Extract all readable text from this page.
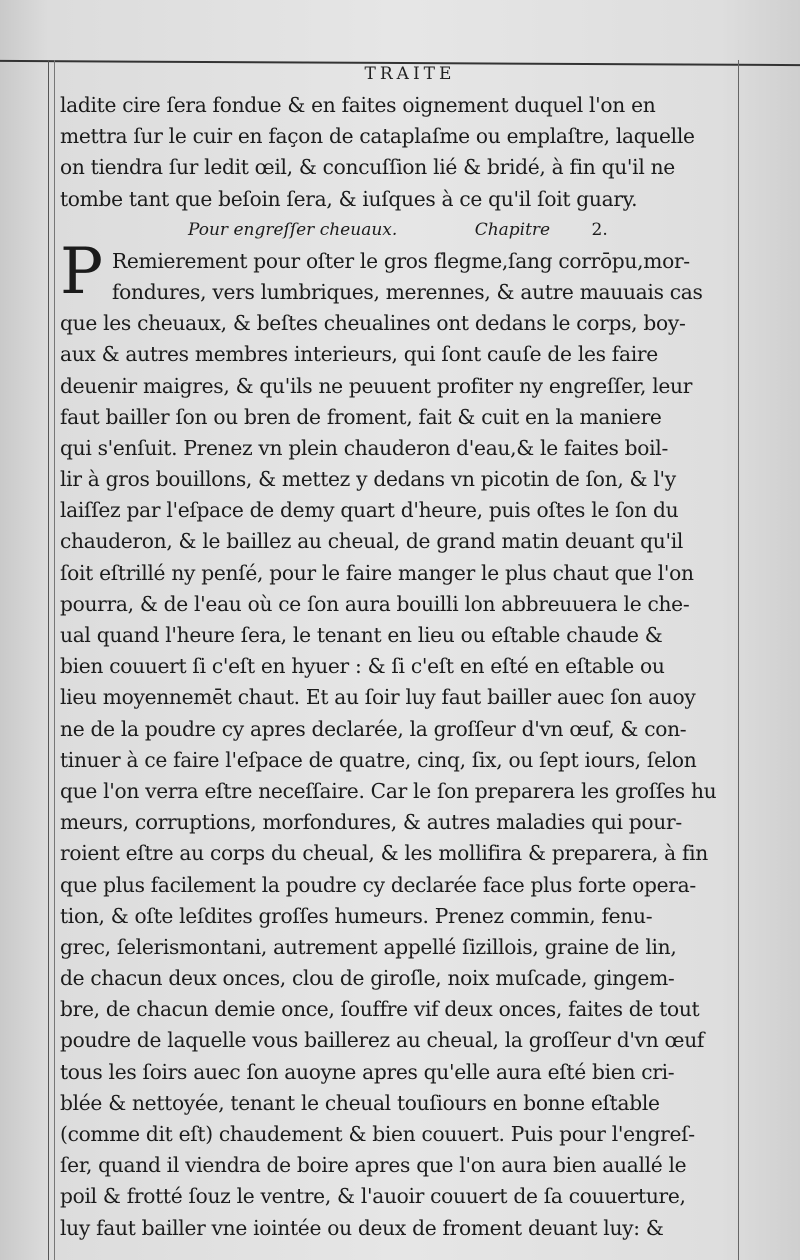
TRAITE
P
ladite cire ſera fondue & en faites oignement duquel l'on en
mettra ſur le cuir en façon de cataplaſme ou emplaſtre, laquelle
on tiendra ſur ledit œil, & concuſſion lié & bridé, à fin qu'il ne
tombe tant que beſoin ſera, & iuſques à ce qu'il ſoit guary.
Pour engreſſer cheuaux.	Chapitre 2.
Remierement pour oſter le gros flegme,ſang corrōpu,mor-
fondures, vers lumbriques, merennes, & autre mauuais cas
que les cheuaux, & beſtes cheualines ont dedans le corps, boy-
aux & autres membres interieurs, qui ſont cauſe de les faire
deuenir maigres, & qu'ils ne peuuent profiter ny engreſſer, leur
faut bailler ſon ou bren de froment, fait & cuit en la maniere
qui s'enſuit. Prenez vn plein chauderon d'eau,& le faites boil-
lir à gros bouillons, & mettez y dedans vn picotin de ſon, & l'y
laiſſez par l'eſpace de demy quart d'heure, puis oſtes le ſon du
chauderon, & le baillez au cheual, de grand matin deuant qu'il
ſoit eſtrillé ny penſé, pour le faire manger le plus chaut que l'on
pourra, & de l'eau où ce ſon aura bouilli lon abbreuuera le che-
ual quand l'heure ſera, le tenant en lieu ou eſtable chaude &
bien couuert ſi c'eſt en hyuer : & ſi c'eſt en eſté en eſtable ou
lieu moyennemēt chaut. Et au ſoir luy faut bailler auec ſon auoy
ne de la poudre cy apres declarée, la groſſeur d'vn œuf, & con-
tinuer à ce faire l'eſpace de quatre, cinq, ſix, ou ſept iours, ſelon
que l'on verra eſtre neceſſaire. Car le ſon preparera les groſſes hu
meurs, corruptions, morfondures, & autres maladies qui pour-
roient eſtre au corps du cheual, & les mollifira & preparera, à fin
que plus facilement la poudre cy declarée face plus forte opera-
tion, & oſte leſdites groſſes humeurs. Prenez commin, fenu-
grec, ſelerismontani, autrement appellé ſizillois, graine de lin,
de chacun deux onces, clou de giroſle, noix muſcade, gingem-
bre, de chacun demie once, ſouffre vif deux onces, faites de tout
poudre de laquelle vous baillerez au cheual, la groſſeur d'vn œuf
tous les ſoirs auec ſon auoyne apres qu'elle aura eſté bien cri-
blée & nettoyée, tenant le cheual touſiours en bonne eſtable
(comme dit eſt) chaudement & bien couuert. Puis pour l'engreſ-
ſer, quand il viendra de boire apres que l'on aura bien auallé le
poil & frotté ſouz le ventre, & l'auoir couuert de ſa couuerture,
luy faut bailler vne iointée ou deux de froment deuant luy: &
